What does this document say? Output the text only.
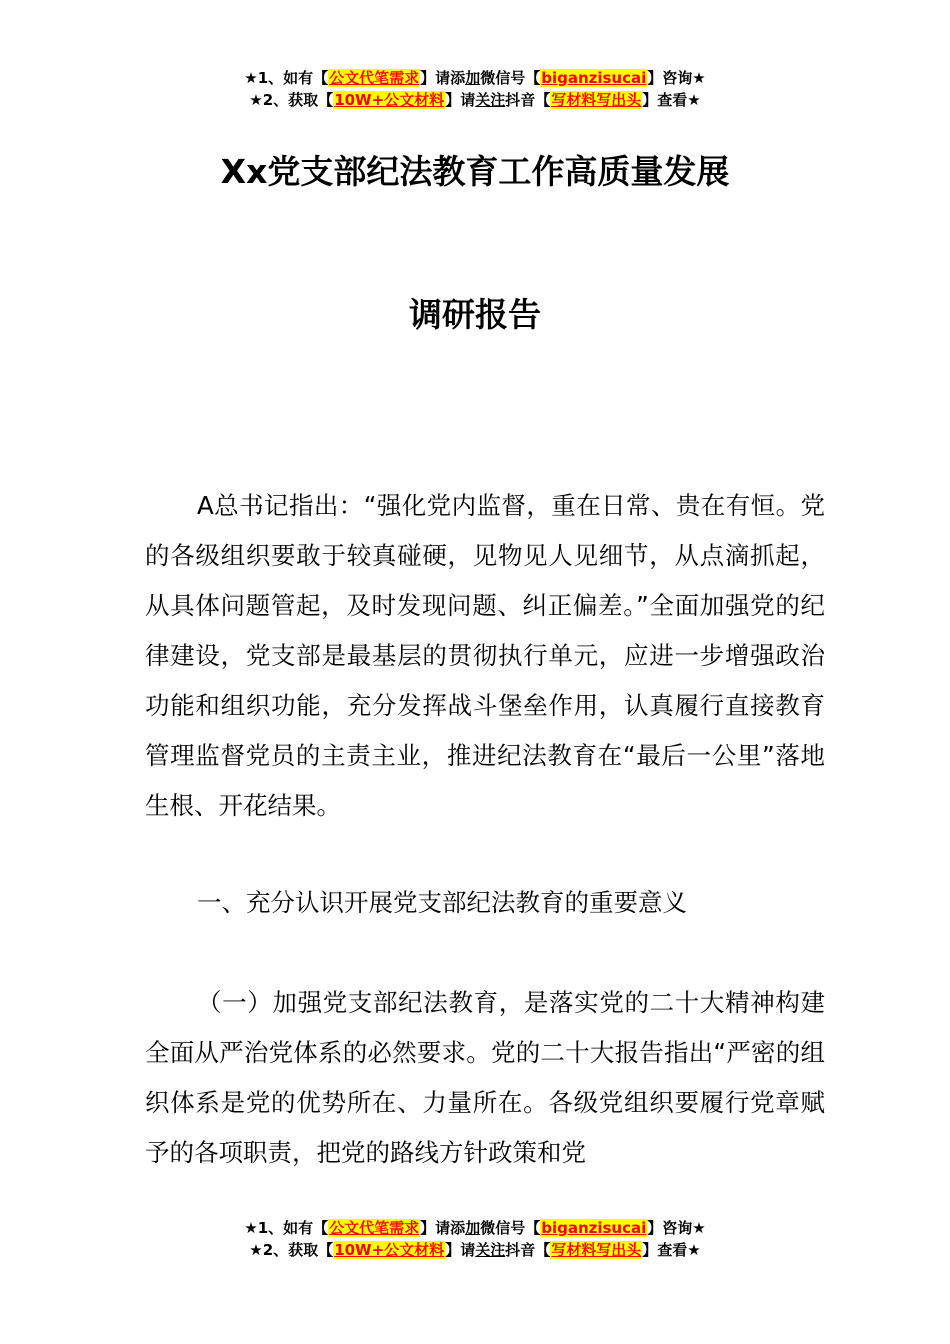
★1、如有【公文代笔需求】请添加微信号【biganzisucai】咨询★
★2、获取【10W+公文材料】请关注抖音【写材料写出头】查看★
Xx党支部纪法教育工作高质量发展
调研报告
A总书记指出：“强化党内监督，重在日常、贵在有恒。党的各级组织要敢于较真碰硬，见物见人见细节，从点滴抓起，从具体问题管起，及时发现问题、纠正偏差。”全面加强党的纪律建设，党支部是最基层的贯彻执行单元，应进一步增强政治功能和组织功能，充分发挥战斗堡垒作用，认真履行直接教育管理监督党员的主责主业，推进纪法教育在“最后一公里”落地生根、开花结果。
一、充分认识开展党支部纪法教育的重要意义
（一）加强党支部纪法教育，是落实党的二十大精神构建全面从严治党体系的必然要求。党的二十大报告指出“严密的组织体系是党的优势所在、力量所在。各级党组织要履行党章赋予的各项职责，把党的路线方针政策和党
★1、如有【公文代笔需求】请添加微信号【biganzisucai】咨询★
★2、获取【10W+公文材料】请关注抖音【写材料写出头】查看★
